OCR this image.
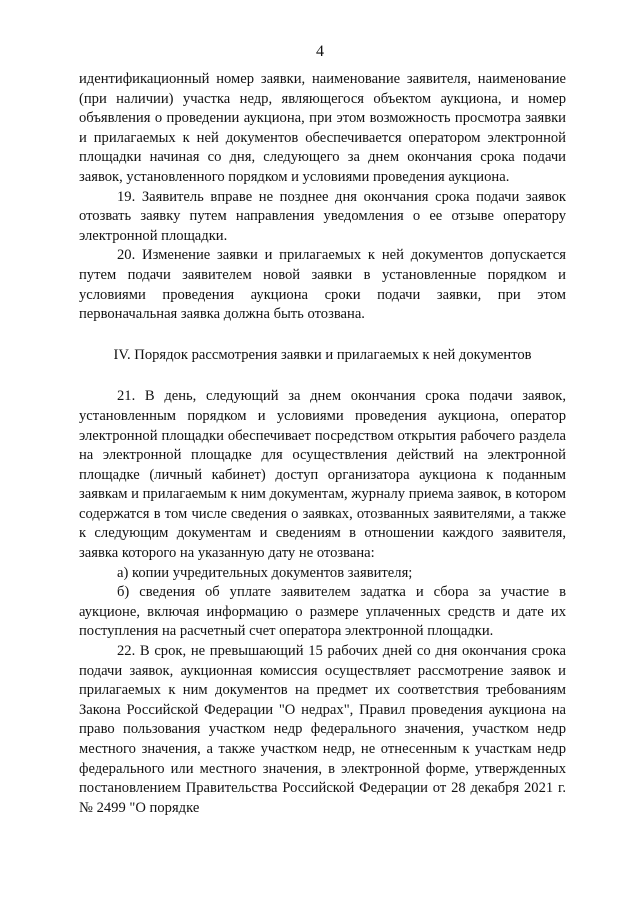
4

идентификационный номер заявки, наименование заявителя, наименование (при наличии) участка недр, являющегося объектом аукциона, и номер объявления о проведении аукциона, при этом возможность просмотра заявки и прилагаемых к ней документов обеспечивается оператором электронной площадки начиная со дня, следующего за днем окончания срока подачи заявок, установленного порядком и условиями проведения аукциона.

19. Заявитель вправе не позднее дня окончания срока подачи заявок отозвать заявку путем направления уведомления о ее отзыве оператору электронной площадки.

20. Изменение заявки и прилагаемых к ней документов допускается путем подачи заявителем новой заявки в установленные порядком и условиями проведения аукциона сроки подачи заявки, при этом первоначальная заявка должна быть отозвана.

IV. Порядок рассмотрения заявки и прилагаемых к ней документов

21. В день, следующий за днем окончания срока подачи заявок, установленным порядком и условиями проведения аукциона, оператор электронной площадки обеспечивает посредством открытия рабочего раздела на электронной площадке для осуществления действий на электронной площадке (личный кабинет) доступ организатора аукциона к поданным заявкам и прилагаемым к ним документам, журналу приема заявок, в котором содержатся в том числе сведения о заявках, отозванных заявителями, а также к следующим документам и сведениям в отношении каждого заявителя, заявка которого на указанную дату не отозвана:

а) копии учредительных документов заявителя;

б) сведения об уплате заявителем задатка и сбора за участие в аукционе, включая информацию о размере уплаченных средств и дате их поступления на расчетный счет оператора электронной площадки.

22. В срок, не превышающий 15 рабочих дней со дня окончания срока подачи заявок, аукционная комиссия осуществляет рассмотрение заявок и прилагаемых к ним документов на предмет их соответствия требованиям Закона Российской Федерации "О недрах", Правил проведения аукциона на право пользования участком недр федерального значения, участком недр местного значения, а также участком недр, не отнесенным к участкам недр федерального или местного значения, в электронной форме, утвержденных постановлением Правительства Российской Федерации от 28 декабря 2021 г. № 2499 "О порядке
